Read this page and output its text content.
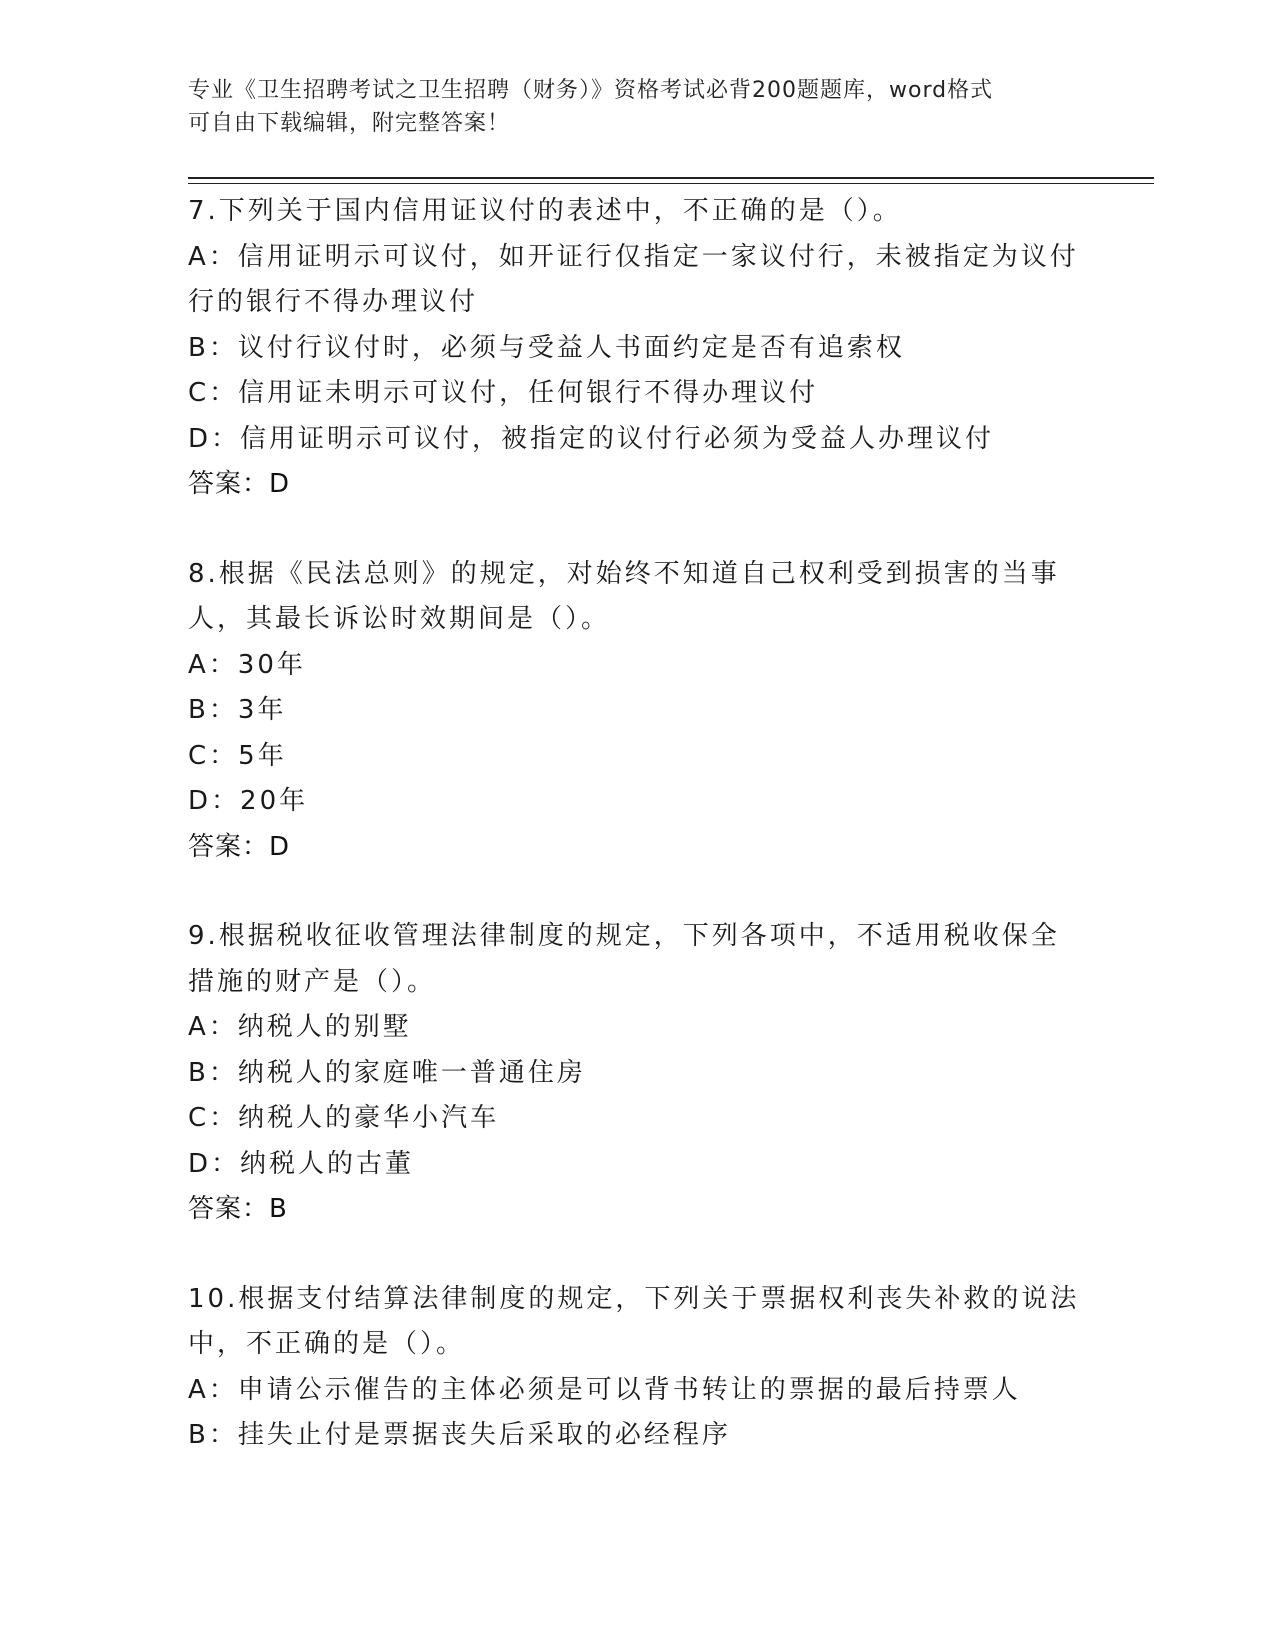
专业《卫生招聘考试之卫生招聘（财务）》资格考试必背200题题库，word格式
可自由下载编辑，附完整答案！
7.下列关于国内信用证议付的表述中，不正确的是（）。
A：信用证明示可议付，如开证行仅指定一家议付行，未被指定为议付
行的银行不得办理议付
B：议付行议付时，必须与受益人书面约定是否有追索权
C：信用证未明示可议付，任何银行不得办理议付
D：信用证明示可议付，被指定的议付行必须为受益人办理议付
答案：D
8.根据《民法总则》的规定，对始终不知道自己权利受到损害的当事
人，其最长诉讼时效期间是（）。
A：30年
B：3年
C：5年
D：20年
答案：D
9.根据税收征收管理法律制度的规定，下列各项中，不适用税收保全
措施的财产是（）。
A：纳税人的别墅
B：纳税人的家庭唯一普通住房
C：纳税人的豪华小汽车
D：纳税人的古董
答案：B
10.根据支付结算法律制度的规定，下列关于票据权利丧失补救的说法
中，不正确的是（）。
A：申请公示催告的主体必须是可以背书转让的票据的最后持票人
B：挂失止付是票据丧失后采取的必经程序
